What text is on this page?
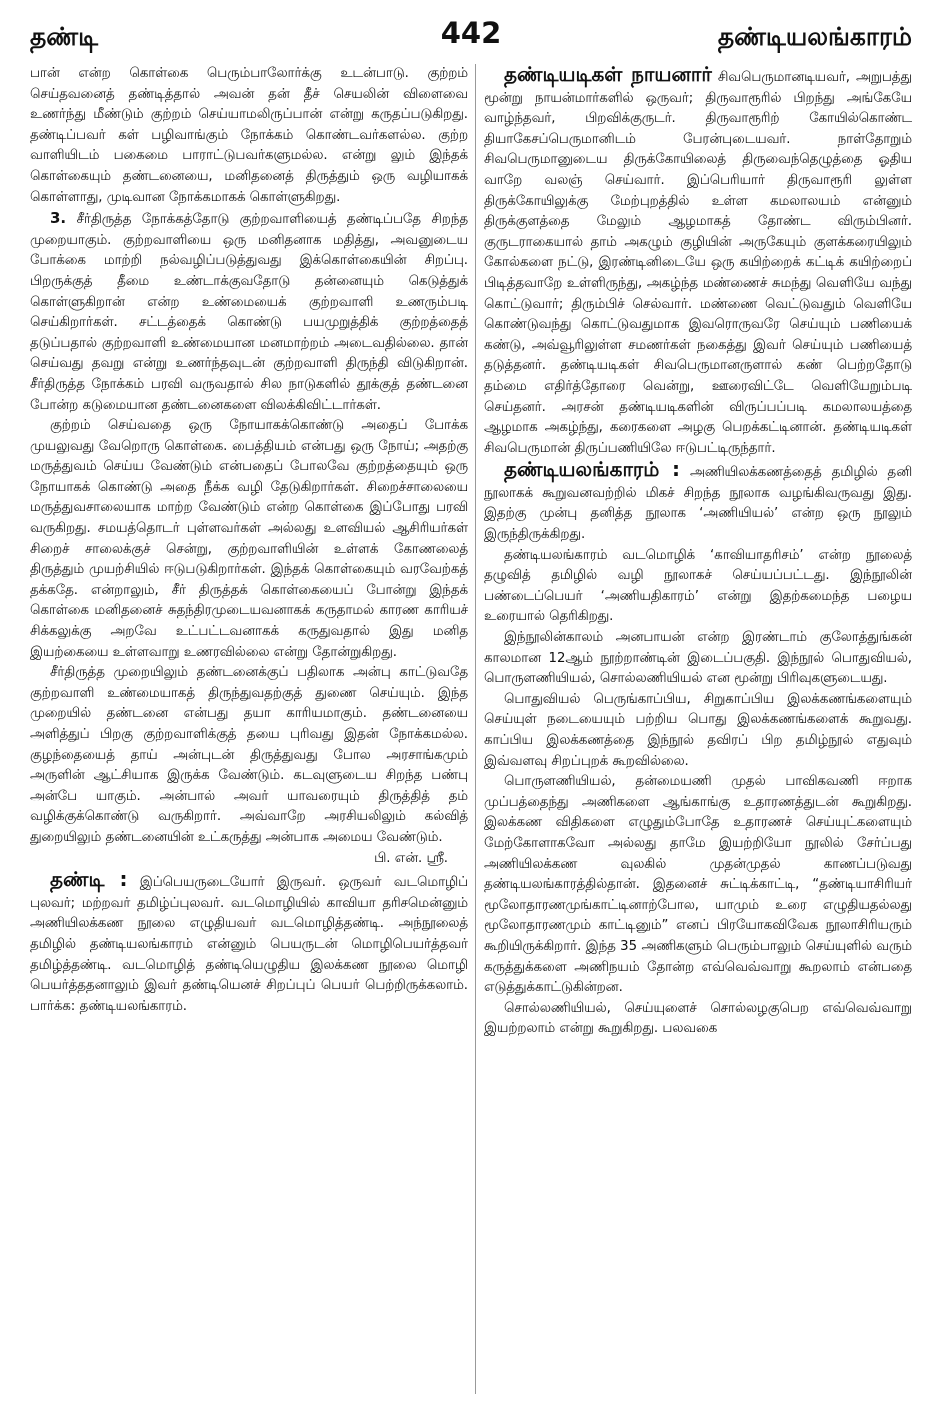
தண்டி	442	தண்டியலங்காரம்

பான் என்ற கொள்கை பெரும்பாலோர்க்கு உடன்பாடு. குற்றம் செய்தவனைத் தண்டித்தால் அவன் தன் தீச் செயலின் விளைவை உணர்ந்து மீண்டும் குற்றம் செய்யாமலிருப்பான் என்று கருதப்படுகிறது. தண்டிப்பவர் கள் பழிவாங்கும் நோக்கம் கொண்டவர்களல்ல. குற்ற வாளியிடம் பகைமை பாராட்டுபவர்களுமல்ல. என்று லும் இந்தக் கொள்கையும் தண்டனையை, மனிதனைத் திருத்தும் ஒரு வழியாகக் கொள்ளாது, முடிவான நோக்கமாகக் கொள்ளுகிறது.

3. சீர்திருத்த நோக்கத்தோடு குற்றவாளியைத் தண்டிப்பதே சிறந்த முறையாகும். குற்றவாளியை ஒரு மனிதனாக மதித்து, அவனுடைய போக்கை மாற்றி நல்வழிப்படுத்துவது இக்கொள்கையின் சிறப்பு. பிறருக்குத் தீமை உண்டாக்குவதோடு தன்னையும் கெடுத்துக் கொள்ளுகிறான் என்ற உண்மையைக் குற்றவாளி உணரும்படி செய்கிறார்கள். சட்டத்தைக் கொண்டு பயமுறுத்திக் குற்றத்தைத் தடுப்பதால் குற்றவாளி உண்மையான மனமாற்றம் அடைவதில்லை. தான் செய்வது தவறு என்று உணர்ந்தவுடன் குற்றவாளி திருந்தி விடுகிறான். சீர்திருத்த நோக்கம் பரவி வருவதால் சில நாடுகளில் தூக்குத் தண்டனை போன்ற கடுமையான தண்டனைகளை விலக்கிவிட்டார்கள்.

குற்றம் செய்வதை ஒரு நோயாகக்கொண்டு அதைப் போக்க முயலுவது வேறொரு கொள்கை. பைத்தியம் என்பது ஒரு நோய்; அதற்கு மருத்துவம் செய்ய வேண்டும் என்பதைப் போலவே குற்றத்தையும் ஒரு நோயாகக் கொண்டு அதை நீக்க வழி தேடுகிறார்கள். சிறைச்சாலையை மருத்துவசாலையாக மாற்ற வேண்டும் என்ற கொள்கை இப்போது பரவி வருகிறது. சமயத்தொடர் புள்ளவர்கள் அல்லது உளவியல் ஆசிரியர்கள் சிறைச் சாலைக்குச் சென்று, குற்றவாளியின் உள்ளக் கோணலைத் திருத்தும் முயற்சியில் ஈடுபடுகிறார்கள். இந்தக் கொள்கையும் வரவேற்கத் தக்கதே. என்றாலும், சீர் திருத்தக் கொள்கையைப் போன்று இந்தக் கொள்கை மனிதனைச் சுதந்திரமுடையவனாகக் கருதாமல் காரண காரியச் சிக்கலுக்கு அறவே உட்பட்டவனாகக் கருதுவதால் இது மனித இயற்கையை உள்ளவாறு உணரவில்லை என்று தோன்றுகிறது.

சீர்திருத்த முறையிலும் தண்டனைக்குப் பதிலாக அன்பு காட்டுவதே குற்றவாளி உண்மையாகத் திருந்துவதற்குத் துணை செய்யும். இந்த முறையில் தண்டனை என்பது தயா காரியமாகும். தண்டனையை அளித்துப் பிறகு குற்றவாளிக்குத் தயை புரிவது இதன் நோக்கமல்ல. குழந்தையைத் தாய் அன்புடன் திருத்துவது போல அரசாங்கமும் அருளின் ஆட்சியாக இருக்க வேண்டும். கடவுளுடைய சிறந்த பண்பு அன்பே யாகும். அன்பால் அவர் யாவரையும் திருத்தித் தம் வழிக்குக்கொண்டு வருகிறார். அவ்வாறே அரசியலிலும் கல்வித் துறையிலும் தண்டனையின் உட்கருத்து அன்பாக அமைய வேண்டும்.

பி. என். ஸ்ரீ.

தண்டி : இப்பெயருடையோர் இருவர். ஒருவர் வடமொழிப் புலவர்; மற்றவர் தமிழ்ப்புலவர். வடமொழியில் காவியா தரிசமென்னும் அணியிலக்கண நூலை எழுதியவர் வடமொழித்தண்டி. அந்நூலைத் தமிழில் தண்டியலங்காரம் என்னும் பெயருடன் மொழிபெயர்த்தவர் தமிழ்த்தண்டி. வடமொழித் தண்டியெழுதிய இலக்கண நூலை மொழி பெயர்த்ததனாலும் இவர் தண்டியெனச் சிறப்புப் பெயர் பெற்றிருக்கலாம். பார்க்க: தண்டியலங்காரம்.

தண்டியடிகள் நாயனார் சிவபெருமானடியவர், அறுபத்து மூன்று நாயன்மார்களில் ஒருவர்; திருவாரூரில் பிறந்து அங்கேயே வாழ்ந்தவர், பிறவிக்குருடர். திருவாரூரிற் கோயில்கொண்ட தியாகேசப்பெருமானிடம் பேரன்புடையவர். நாள்தோறும் சிவபெருமானுடைய திருக்கோயிலைத் திருவைந்தெழுத்தை ஓதிய வாறே வலஞ் செய்வார். இப்பெரியார் திருவாரூரி லுள்ள திருக்கோயிலுக்கு மேற்புறத்தில் உள்ள கமலாலயம் என்னும் திருக்குளத்தை மேலும் ஆழமாகத் தோண்ட விரும்பினர். குருடராகையால் தாம் அகழும் குழியின் அருகேயும் குளக்கரையிலும் கோல்களை நட்டு, இரண்டினிடையே ஒரு கயிற்றைக் கட்டிக் கயிற்றைப் பிடித்தவாறே உள்ளிருந்து, அகழ்ந்த மண்ணைச் சுமந்து வெளியே வந்து கொட்டுவார்; திரும்பிச் செல்வார். மண்ணை வெட்டுவதும் வெளியே கொண்டுவந்து கொட்டுவதுமாக இவரொருவரே செய்யும் பணியைக் கண்டு, அவ்வூரிலுள்ள சமணர்கள் நகைத்து இவர் செய்யும் பணியைத் தடுத்தனர். தண்டியடிகள் சிவபெருமானருளால் கண் பெற்றதோடு தம்மை எதிர்த்தோரை வென்று, ஊரைவிட்டே வெளியேறும்படி செய்தனர். அரசன் தண்டியடிகளின் விருப்பப்படி கமலாலயத்தை ஆழமாக அகழ்ந்து, கரைகளை அழகு பெறக்கட்டினான். தண்டியடிகள் சிவபெருமான் திருப்பணியிலே ஈடுபட்டிருந்தார்.

தண்டியலங்காரம் : அணியிலக்கணத்தைத் தமிழில் தனி நூலாகக் கூறுவனவற்றில் மிகச் சிறந்த நூலாக வழங்கிவருவது இது. இதற்கு முன்பு தனித்த நூலாக ‘அணியியல்’ என்ற ஒரு நூலும் இருந்திருக்கிறது.

தண்டியலங்காரம் வடமொழிக் ‘காவியாதரிசம்’ என்ற நூலைத் தழுவித் தமிழில் வழி நூலாகச் செய்யப்பட்டது. இந்நூலின் பண்டைப்பெயர் ‘அணியதிகாரம்’ என்று இதற்கமைந்த பழைய உரையால் தெரிகிறது.

இந்நூலின்காலம் அனபாயன் என்ற இரண்டாம் குலோத்துங்கன் காலமான 12ஆம் நூற்றாண்டின் இடைப்பகுதி. இந்நூல் பொதுவியல், பொருளணியியல், சொல்லணியியல் என மூன்று பிரிவுகளுடையது.

பொதுவியல் பெருங்காப்பிய, சிறுகாப்பிய இலக்கணங்களையும் செய்யுள் நடையையும் பற்றிய பொது இலக்கணங்களைக் கூறுவது. காப்பிய இலக்கணத்தை இந்நூல் தவிரப் பிற தமிழ்நூல் எதுவும் இவ்வளவு சிறப்புறக் கூறவில்லை.

பொருளணியியல், தன்மையணி முதல் பாவிகவணி ஈறாக முப்பத்தைந்து அணிகளை ஆங்காங்கு உதாரணத்துடன் கூறுகிறது. இலக்கண விதிகளை எழுதும்போதே உதாரணச் செய்யுட்களையும் மேற்கோளாகவோ அல்லது தாமே இயற்றியோ நூலில் சேர்ப்பது அணியிலக்கண வுலகில் முதன்முதல் காணப்படுவது தண்டியலங்காரத்தில்தான். இதனைச் சுட்டிக்காட்டி, “தண்டியாசிரியர் மூலோதாரணமுங்காட்டினாற்போல, யாமும் உரை எழுதியதல்லது மூலோதாரணமும் காட்டினும்” எனப் பிரயோகவிவேக நூலாசிரியரும் கூறியிருக்கிறார். இந்த 35 அணிகளும் பெரும்பாலும் செய்யுளில் வரும் கருத்துக்களை அணிநயம் தோன்ற எவ்வெவ்வாறு கூறலாம் என்பதை எடுத்துக்காட்டுகின்றன.

சொல்லணியியல், செய்யுளைச் சொல்லழகுபெற எவ்வெவ்வாறு இயற்றலாம் என்று கூறுகிறது. பலவகை
